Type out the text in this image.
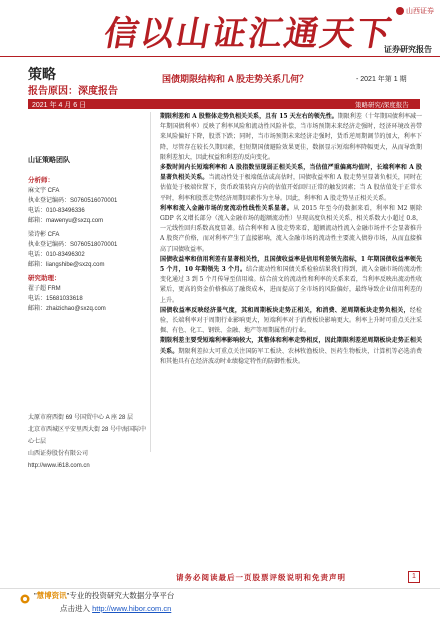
信以山证汇通天下
山西证券
证券研究报告
策略
报告原因：深度报告
国债期限结构和 A 股走势关系几何？	- 2021 年第 1 期
2021 年 4 月 6 日	策略研究/深度报告
山证策略团队
分析师：
麻文宇 CFA
执业登记编码：S0760516070001
电话：010-83496336
邮箱：mawenyu@sxzq.com
梁诗彬 CFA
执业登记编码：S0760518070001
电话：010-83496302
邮箱：liangshibe@sxzq.com
研究助理：
翟子超 FRM
电话：15681033618
邮箱：zhaizichao@sxzq.com
太原市府西街 69 号国贸中心 A 座 28 层
北京市西城区平安里西大街 28 号中海国际中心七层
山西证券股份有限公司
http://www.i618.com.cn

期限利差和 A 股整体走势负相关关系，且有 15 天左右的领先性。期限利差（十年期国债利率减一年期国债利率）反映了利率风险和流动性风险补偿，当市场预期未来经济走强时，经济环境改善带来风险偏好下降，股票下跌；同时，当市场预期未来经济走强时，货币逆周期调节的加大，利率下降，尽管存在较长久期因素，但短期国债避险效果更佳，数据显示短端利率降幅更大，从而导致期限利差加大，因此权益和利差的反向变化。

多数时间内长短端利率和 A 股指数呈现弱正相关关系，当估值严重偏离均值时，长端利率和 A 股显著负相关关系。当流动性处于极端低估或高估时，国债收益率和 A 股走势呈显著负相关，同时在估值处于极端位置下，货币政策转向方向的估值开始回归正常的触发因素；当 A 股估值处于正常水平时，利率和股票走势经济周期因素作为主导。因此，利率和 A 股走势呈正相关关系。

利率和流入金融市场的宽流动性线性关系显著。从 2015 年至今的数据来看，利率和 M2 剔除 GDP 名义增长部分（流入金融市场的超额流动性）呈现高度负相关关系，相关系数大小超过 0.8，一元线性回归系数高度显著。结合利率和 A 股走势来看，超额流动性流入金融市场并不会显著推升 A 股资产价格，而对利率产生了直接影响，流入金融市场的流动性主要流入债券市场，从而直接推高了国债收益率。

国债收益率和信用利差有显著相关性，且国债收益率是信用利差领先指标，1 年期国债收益率领先 5 个月，10 年期领先 3 个月。结合流动性和国债关系检验结果我们得到，流入金融市场的流动性变化通过 3 到 5 个月传导至信用端。结合前文的流动性和利率的关系来看，当利率反映出流动性收紧后，更高的资金价格推高了融资成本，进而提高了全市场的风险偏好，最终导致企业信用利差的上升。

国债收益率反映经济景气度，其和周期板块走势正相关，和消费、逆周期板块走势负相关，经检验，长端利率对于周期行业影响更大，短端利率对于消费板块影响更大。利率上升时可重点关注采掘、有色、化工、钢铁、金融、地产等周期属性的行业。

期限利差主要受短端利率影响较大，其整体和利率走势相反，因此期限利差逆周期板块走势正相关关系。期限利差拉大可重点关注国防军工板块、农林牧渔板块、医药生物板块，计算机等必选消费和其他具有在经济波动时业绩稳定特性的防御性板块。

请务必阅读最后一页股票评级说明和免责声明	1
"慧博资讯"专业的投资研究大数据分享平台
点击进入 http://www.hibor.com.cn
